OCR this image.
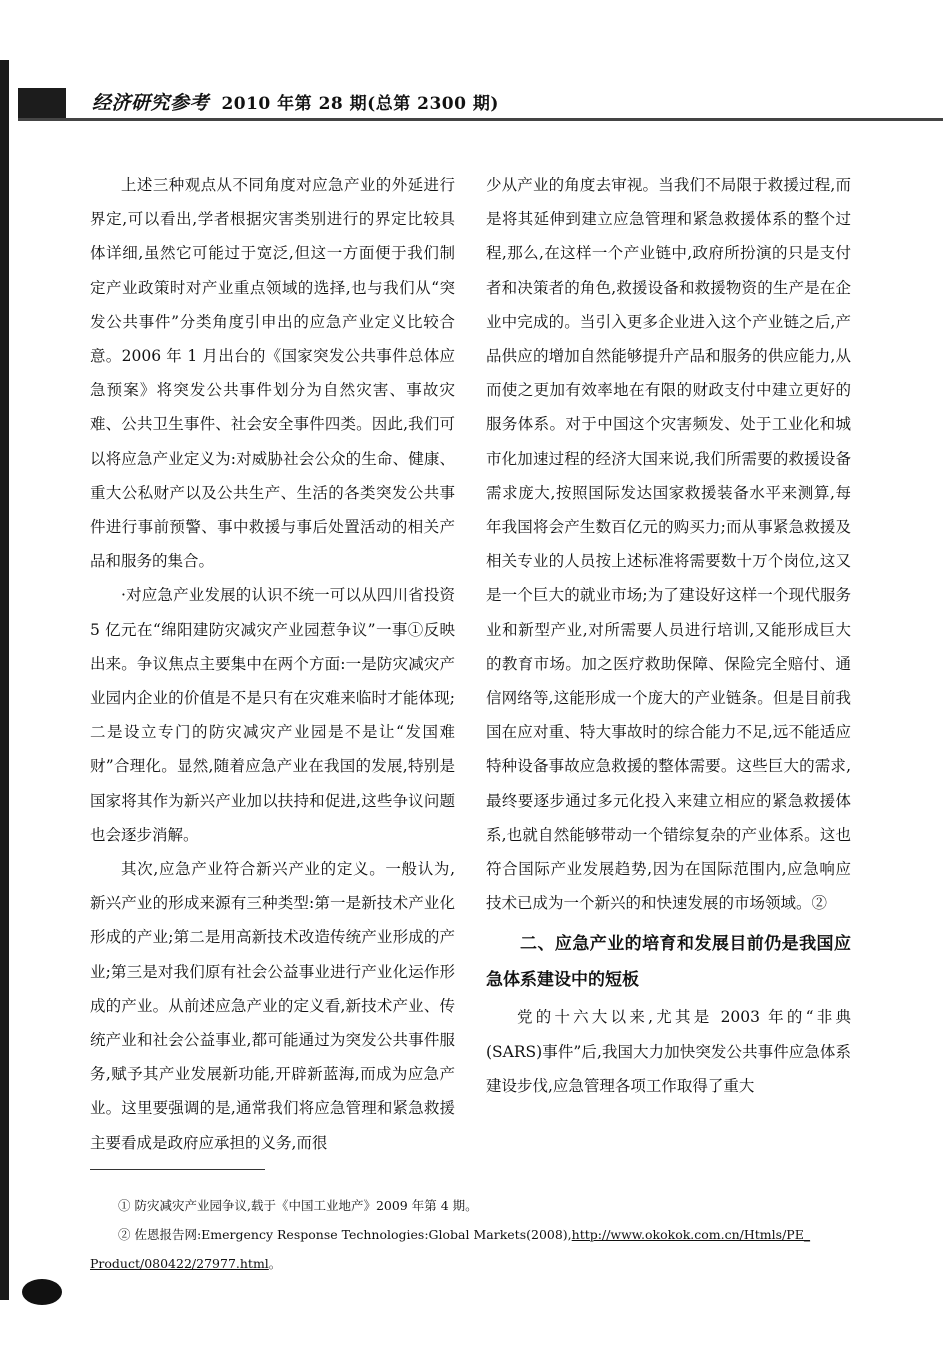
经济研究参考 2010 年第 28 期(总第 2300 期)

上述三种观点从不同角度对应急产业的外延进行界定,可以看出,学者根据灾害类别进行的界定比较具体详细,虽然它可能过于宽泛,但这一方面便于我们制定产业政策时对产业重点领域的选择,也与我们从“突发公共事件”分类角度引申出的应急产业定义比较合意。2006 年 1 月出台的《国家突发公共事件总体应急预案》将突发公共事件划分为自然灾害、事故灾难、公共卫生事件、社会安全事件四类。因此,我们可以将应急产业定义为:对威胁社会公众的生命、健康、重大公私财产以及公共生产、生活的各类突发公共事件进行事前预警、事中救援与事后处置活动的相关产品和服务的集合。

·对应急产业发展的认识不统一可以从四川省投资 5 亿元在“绵阳建防灾减灾产业园惹争议”一事①反映出来。争议焦点主要集中在两个方面:一是防灾减灾产业园内企业的价值是不是只有在灾难来临时才能体现;二是设立专门的防灾减灾产业园是不是让“发国难财”合理化。显然,随着应急产业在我国的发展,特别是国家将其作为新兴产业加以扶持和促进,这些争议问题也会逐步消解。

其次,应急产业符合新兴产业的定义。一般认为,新兴产业的形成来源有三种类型:第一是新技术产业化形成的产业;第二是用高新技术改造传统产业形成的产业;第三是对我们原有社会公益事业进行产业化运作形成的产业。从前述应急产业的定义看,新技术产业、传统产业和社会公益事业,都可能通过为突发公共事件服务,赋予其产业发展新功能,开辟新蓝海,而成为应急产业。这里要强调的是,通常我们将应急管理和紧急救援主要看成是政府应承担的义务,而很

少从产业的角度去审视。当我们不局限于救援过程,而是将其延伸到建立应急管理和紧急救援体系的整个过程,那么,在这样一个产业链中,政府所扮演的只是支付者和决策者的角色,救援设备和救援物资的生产是在企业中完成的。当引入更多企业进入这个产业链之后,产品供应的增加自然能够提升产品和服务的供应能力,从而使之更加有效率地在有限的财政支付中建立更好的服务体系。对于中国这个灾害频发、处于工业化和城市化加速过程的经济大国来说,我们所需要的救援设备需求庞大,按照国际发达国家救援装备水平来测算,每年我国将会产生数百亿元的购买力;而从事紧急救援及相关专业的人员按上述标准将需要数十万个岗位,这又是一个巨大的就业市场;为了建设好这样一个现代服务业和新型产业,对所需要人员进行培训,又能形成巨大的教育市场。加之医疗救助保障、保险完全赔付、通信网络等,这能形成一个庞大的产业链条。但是目前我国在应对重、特大事故时的综合能力不足,远不能适应特种设备事故应急救援的整体需要。这些巨大的需求,最终要逐步通过多元化投入来建立相应的紧急救援体系,也就自然能够带动一个错综复杂的产业体系。这也符合国际产业发展趋势,因为在国际范围内,应急响应技术已成为一个新兴的和快速发展的市场领域。②

二、应急产业的培育和发展目前仍是我国应急体系建设中的短板

党的十六大以来,尤其是 2003 年的“非典(SARS)事件”后,我国大力加快突发公共事件应急体系建设步伐,应急管理各项工作取得了重大

① 防灾减灾产业园争议,载于《中国工业地产》2009 年第 4 期。
② 佐恩报告网:Emergency Response Technologies:Global Markets(2008),http://www.okokok.com.cn/Htmls/PE_
Product/080422/27977.html。
